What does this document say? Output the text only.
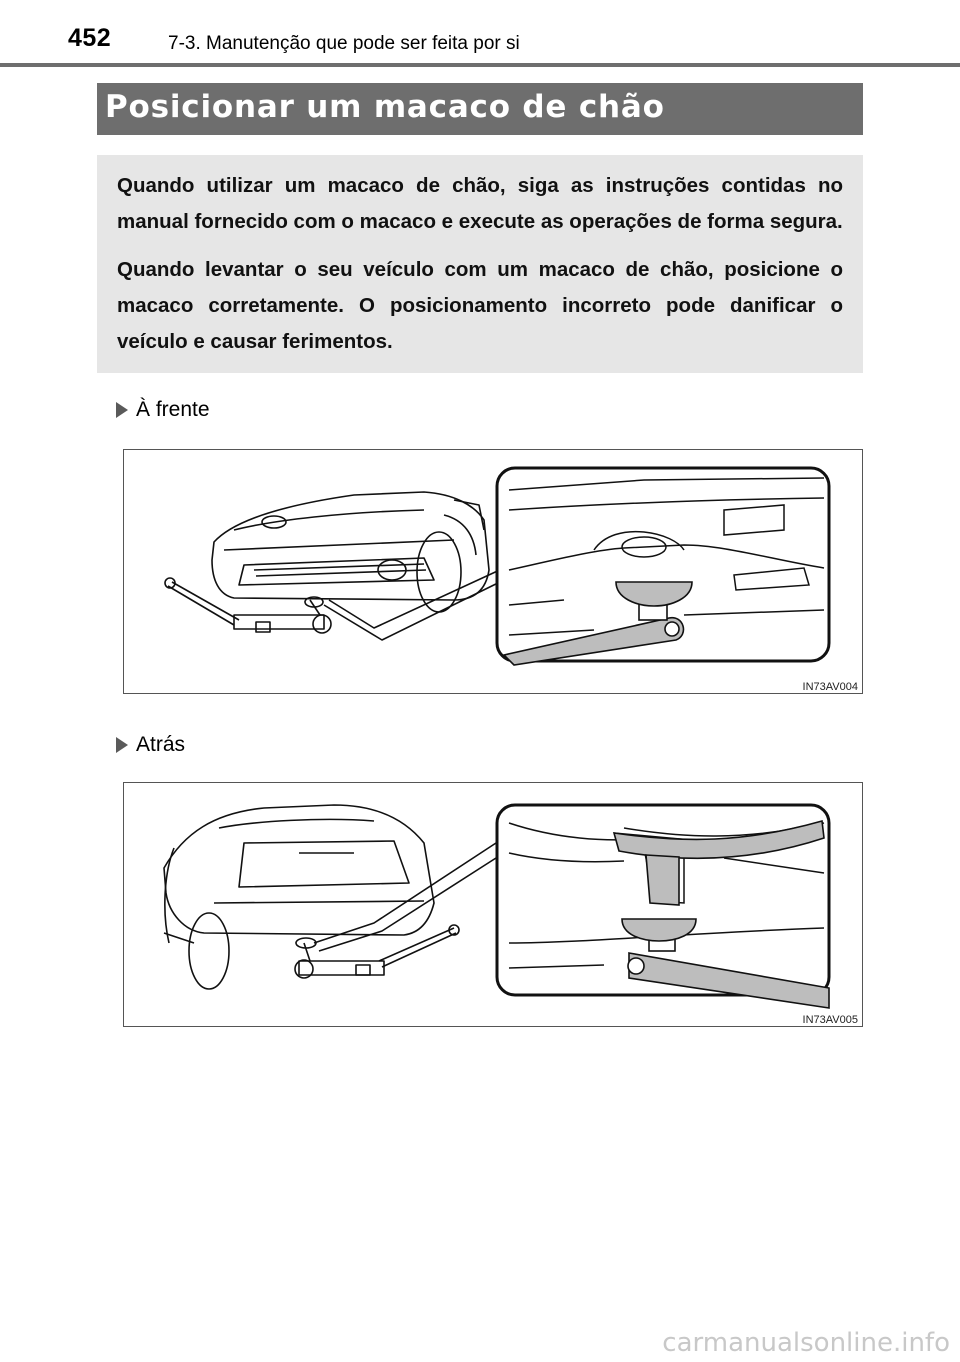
452	7-3. Manutenção que pode ser feita por si
Posicionar um macaco de chão

Quando utilizar um macaco de chão, siga as instruções contidas no manual fornecido com o macaco e execute as operações de forma segura.

Quando levantar o seu veículo com um macaco de chão, posicione o macaco corretamente. O posicionamento incorreto pode danificar o veículo e causar ferimentos.

À frente
IN73AV004
Atrás
IN73AV005
carmanualsonline.info
